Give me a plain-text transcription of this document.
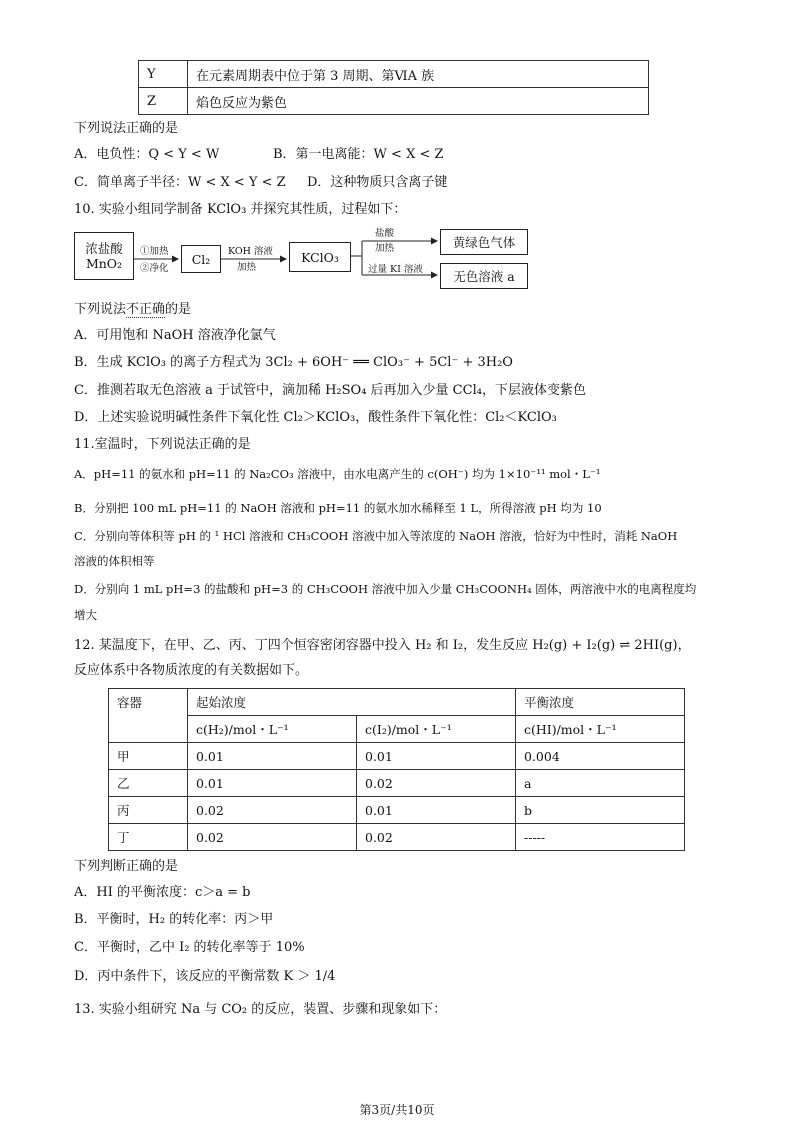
Y	在元素周期表中位于第 3 周期、第ⅥA 族
Z	焰色反应为紫色
下列说法正确的是
A．电负性：Q < Y < W	B．第一电离能：W < X < Z
C．简单离子半径：W < X < Y < Z D．这种物质只含离子键
10. 实验小组同学制备 KClO₃ 并探究其性质，过程如下：
浓盐酸 MnO₂
①加热
②净化
Cl₂	KOH 溶液
加热
KClO₃
盐酸
加热	黄绿色气体
过量 KI 溶液	无色溶液 a
下列说法不正确的是
A．可用饱和 NaOH 溶液净化氯气
B．生成 KClO₃ 的离子方程式为 3Cl₂ + 6OH⁻ ══ ClO₃⁻ + 5Cl⁻ + 3H₂O
C．推测若取无色溶液 a 于试管中，滴加稀 H₂SO₄ 后再加入少量 CCl₄，下层液体变紫色
D．上述实验说明碱性条件下氧化性 Cl₂＞KClO₃，酸性条件下氧化性：Cl₂＜KClO₃
11.室温时，下列说法正确的是
A．pH=11 的氨水和 pH=11 的 Na₂CO₃ 溶液中，由水电离产生的 c(OH⁻) 均为 1×10⁻¹¹ mol・L⁻¹
B．分别把 100 mL pH=11 的 NaOH 溶液和 pH=11 的氨水加水稀释至 1 L，所得溶液 pH 均为 10
C．分别向等体积等 pH 的 ¹ HCl 溶液和 CH₃COOH 溶液中加入等浓度的 NaOH 溶液，恰好为中性时，消耗 NaOH
溶液的体积相等
D．分别向 1 mL pH=3 的盐酸和 pH=3 的 CH₃COOH 溶液中加入少量 CH₃COONH₄ 固体，两溶液中水的电离程度均
增大
12. 某温度下，在甲、乙、丙、丁四个恒容密闭容器中投入 H₂ 和 I₂，发生反应 H₂(g) + I₂(g) ⇌ 2HI(g)，
反应体系中各物质浓度的有关数据如下。
容器	起始浓度		平衡浓度
	c(H₂)/mol・L⁻¹	c(I₂)/mol・L⁻¹	c(HI)/mol・L⁻¹
甲	0.01	0.01	0.004
乙	0.01	0.02	a
丙	0.02	0.01	b
丁	0.02	0.02	-----
下列判断正确的是
A．HI 的平衡浓度：c＞a = b
B．平衡时，H₂ 的转化率：丙＞甲
C．平衡时，乙中 I₂ 的转化率等于 10%
D．丙中条件下，该反应的平衡常数 K ＞ 1/4
13. 实验小组研究 Na 与 CO₂ 的反应，装置、步骤和现象如下：
第3页/共10页
